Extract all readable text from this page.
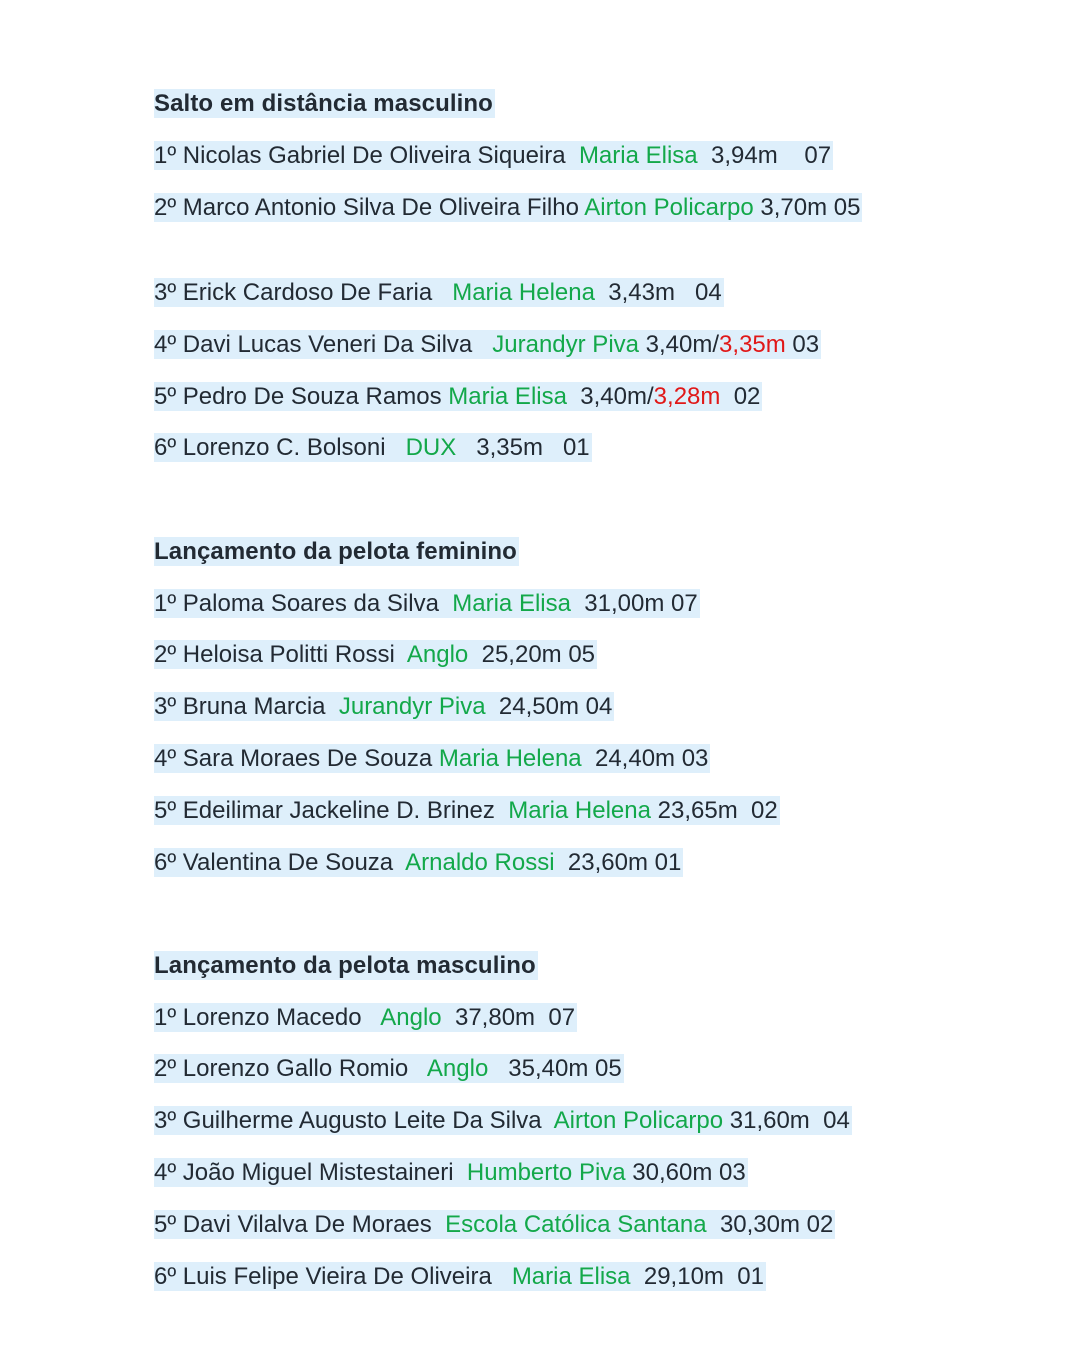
Salto em distância masculino
1º Nicolas Gabriel De Oliveira Siqueira  Maria Elisa  3,94m    07
2º Marco Antonio Silva De Oliveira Filho Airton Policarpo 3,70m 05
3º Erick Cardoso De Faria   Maria Helena  3,43m   04
4º Davi Lucas Veneri Da Silva   Jurandyr Piva 3,40m/3,35m 03
5º Pedro De Souza Ramos Maria Elisa  3,40m/3,28m  02
6º Lorenzo C. Bolsoni   DUX   3,35m   01
Lançamento da pelota feminino
1º Paloma Soares da Silva  Maria Elisa  31,00m 07
2º Heloisa Politti Rossi  Anglo  25,20m 05
3º Bruna Marcia  Jurandyr Piva  24,50m 04
4º Sara Moraes De Souza Maria Helena  24,40m 03
5º Edeilimar Jackeline D. Brinez  Maria Helena 23,65m  02
6º Valentina De Souza  Arnaldo Rossi  23,60m 01
Lançamento da pelota masculino
1º Lorenzo Macedo   Anglo  37,80m  07
2º Lorenzo Gallo Romio   Anglo   35,40m 05
3º Guilherme Augusto Leite Da Silva  Airton Policarpo 31,60m  04
4º João Miguel Mistestaineri  Humberto Piva 30,60m 03
5º Davi Vilalva De Moraes  Escola Católica Santana  30,30m 02
6º Luis Felipe Vieira De Oliveira   Maria Elisa  29,10m  01
